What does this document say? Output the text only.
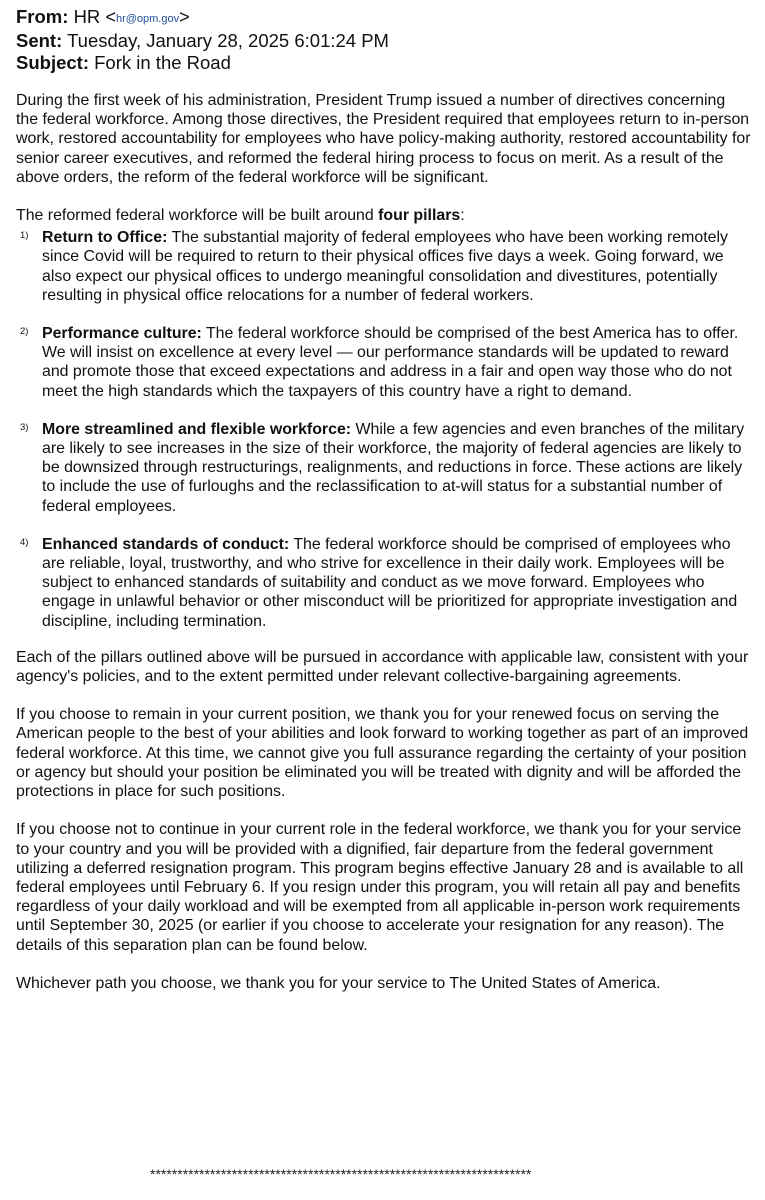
From: HR <hr@opm.gov>
Sent: Tuesday, January 28, 2025 6:01:24 PM
Subject: Fork in the Road

During the first week of his administration, President Trump issued a number of directives concerning the federal workforce. Among those directives, the President required that employees return to in-person work, restored accountability for employees who have policy-making authority, restored accountability for senior career executives, and reformed the federal hiring process to focus on merit. As a result of the above orders, the reform of the federal workforce will be significant.

The reformed federal workforce will be built around four pillars:

1) Return to Office: The substantial majority of federal employees who have been working remotely since Covid will be required to return to their physical offices five days a week. Going forward, we also expect our physical offices to undergo meaningful consolidation and divestitures, potentially resulting in physical office relocations for a number of federal workers.
2) Performance culture: The federal workforce should be comprised of the best America has to offer. We will insist on excellence at every level — our performance standards will be updated to reward and promote those that exceed expectations and address in a fair and open way those who do not meet the high standards which the taxpayers of this country have a right to demand.
3) More streamlined and flexible workforce: While a few agencies and even branches of the military are likely to see increases in the size of their workforce, the majority of federal agencies are likely to be downsized through restructurings, realignments, and reductions in force. These actions are likely to include the use of furloughs and the reclassification to at-will status for a substantial number of federal employees.
4) Enhanced standards of conduct: The federal workforce should be comprised of employees who are reliable, loyal, trustworthy, and who strive for excellence in their daily work. Employees will be subject to enhanced standards of suitability and conduct as we move forward. Employees who engage in unlawful behavior or other misconduct will be prioritized for appropriate investigation and discipline, including termination.

Each of the pillars outlined above will be pursued in accordance with applicable law, consistent with your agency's policies, and to the extent permitted under relevant collective-bargaining agreements.

If you choose to remain in your current position, we thank you for your renewed focus on serving the American people to the best of your abilities and look forward to working together as part of an improved federal workforce. At this time, we cannot give you full assurance regarding the certainty of your position or agency but should your position be eliminated you will be treated with dignity and will be afforded the protections in place for such positions.

If you choose not to continue in your current role in the federal workforce, we thank you for your service to your country and you will be provided with a dignified, fair departure from the federal government utilizing a deferred resignation program. This program begins effective January 28 and is available to all federal employees until February 6. If you resign under this program, you will retain all pay and benefits regardless of your daily workload and will be exempted from all applicable in-person work requirements until September 30, 2025 (or earlier if you choose to accelerate your resignation for any reason). The details of this separation plan can be found below.

Whichever path you choose, we thank you for your service to The United States of America.

**********************************************************************
